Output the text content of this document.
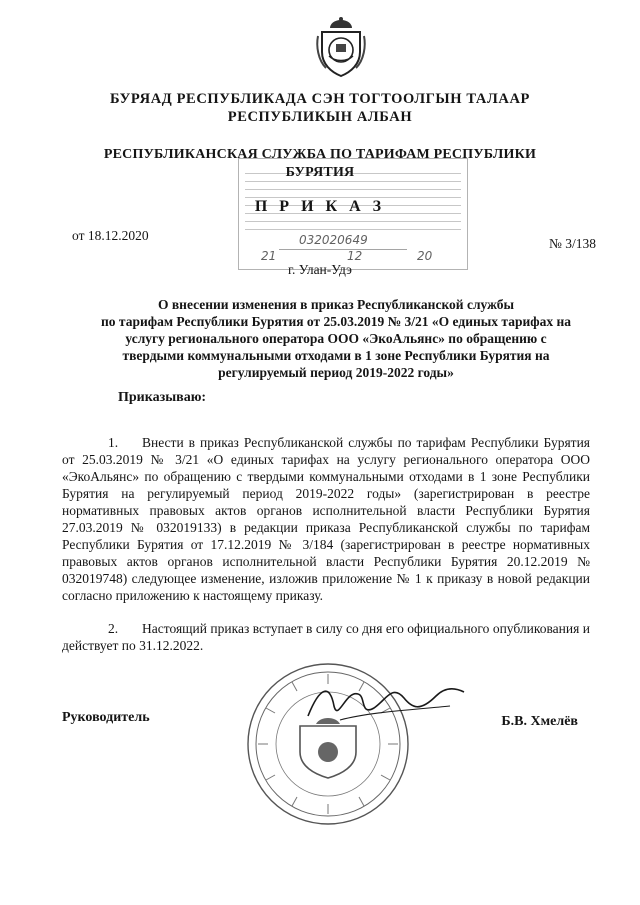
БУРЯАД РЕСПУБЛИКАДА СЭН ТОГТООЛГЫН ТАЛААР
РЕСПУБЛИКЫН АЛБАН
032020649
21	12	20
РЕСПУБЛИКАНСКАЯ СЛУЖБА ПО ТАРИФАМ РЕСПУБЛИКИ
БУРЯТИЯ
П Р И К А З
от 18.12.2020
№ 3/138
г. Улан-Удэ
О внесении изменения в приказ Республиканской службы
по тарифам Республики Бурятия от 25.03.2019 № 3/21 «О единых тарифах на
услугу регионального оператора ООО «ЭкоАльянс» по обращению с
твердыми коммунальными отходами в 1 зоне Республики Бурятия на
регулируемый период 2019-2022 годы»
Приказываю:
1. Внести в приказ Республиканской службы по тарифам Республики Бурятия от 25.03.2019 № 3/21 «О единых тарифах на услугу регионального оператора ООО «ЭкоАльянс» по обращению с твердыми коммунальными отходами в 1 зоне Республики Бурятия на регулируемый период 2019-2022 годы» (зарегистрирован в реестре нормативных правовых актов органов исполнительной власти Республики Бурятия 27.03.2019 № 032019133) в редакции приказа Республиканской службы по тарифам Республики Бурятия от 17.12.2019 № 3/184 (зарегистрирован в реестре нормативных правовых актов органов исполнительной власти Республики Бурятия 20.12.2019 № 032019748) следующее изменение, изложив приложение № 1 к приказу в новой редакции согласно приложению к настоящему приказу.
2. Настоящий приказ вступает в силу со дня его официального опубликования и действует по 31.12.2022.
Руководитель	Б.В. Хмелёв
